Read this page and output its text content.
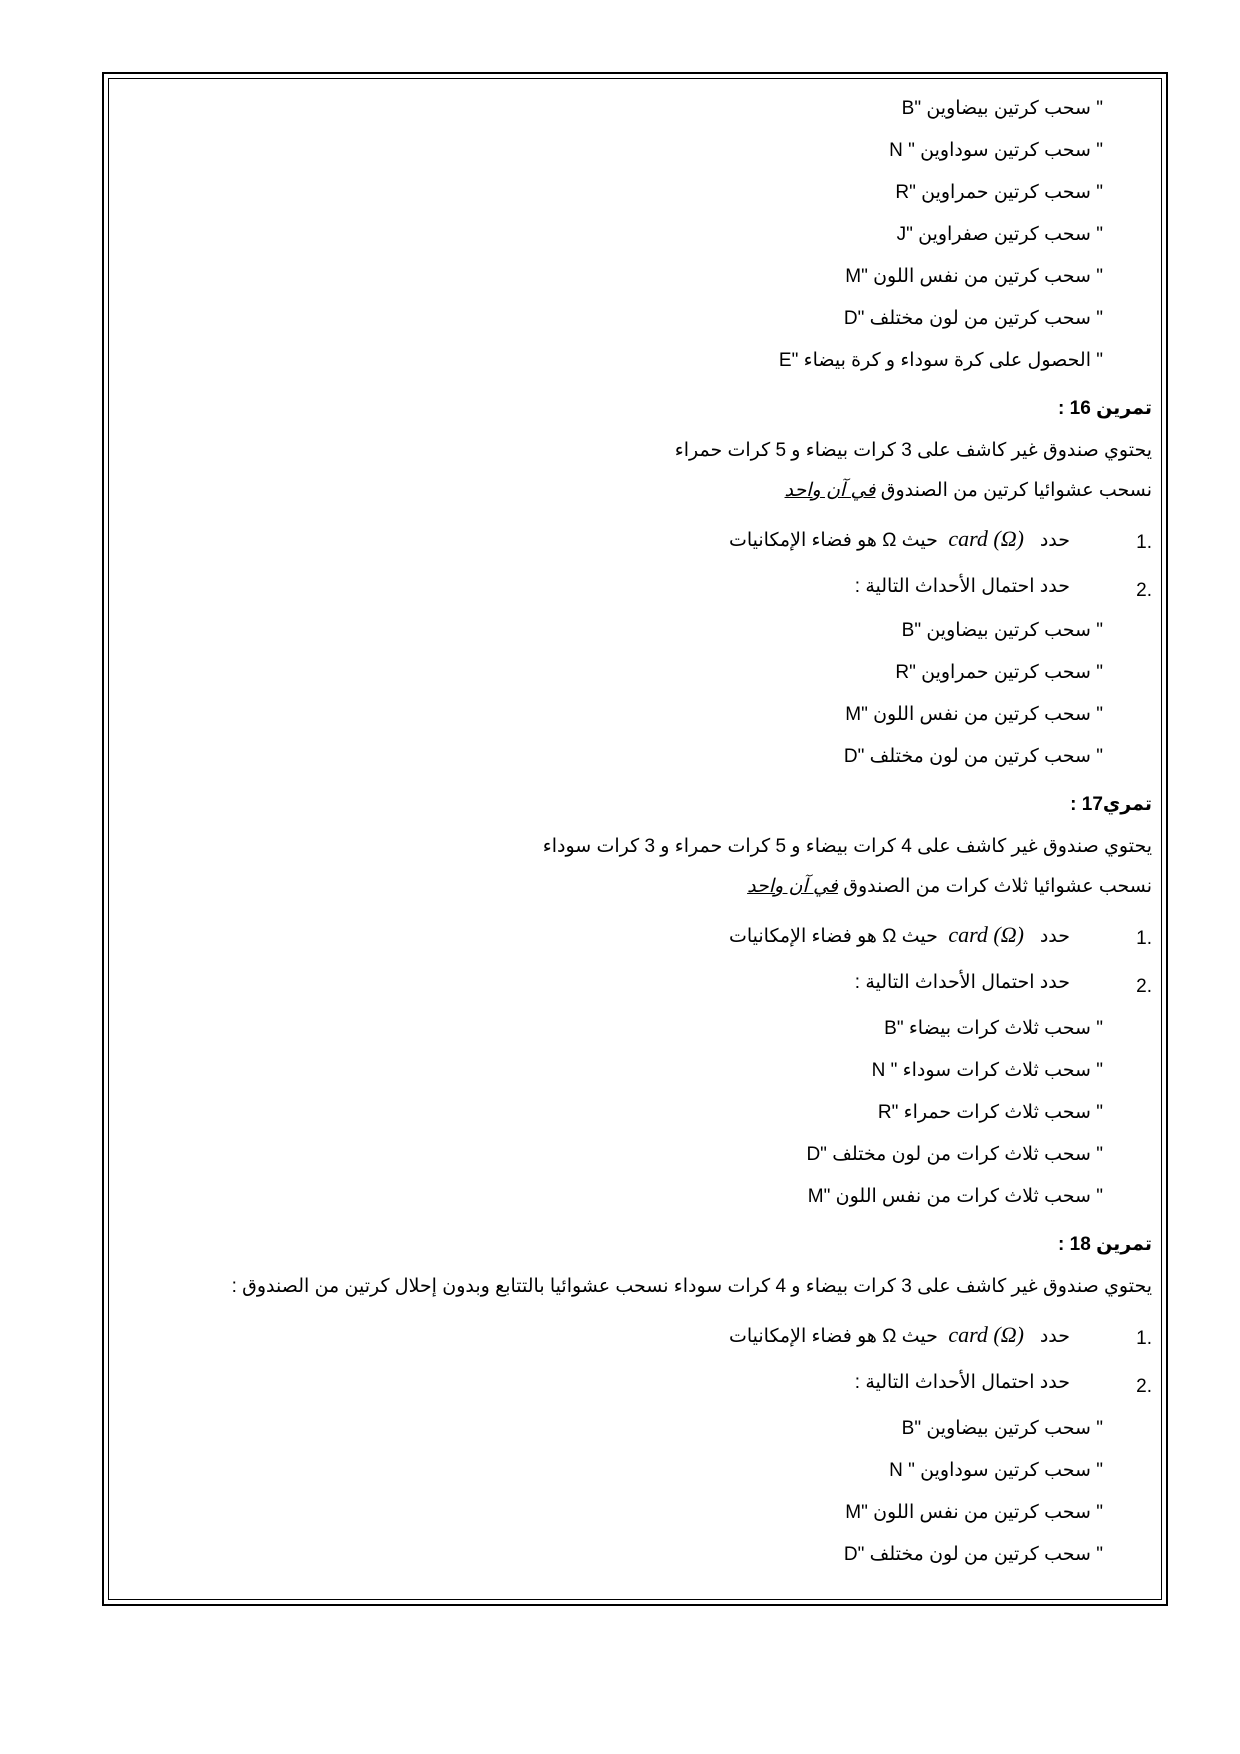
" سحب كرتين بيضاوين "B
" سحب كرتين سوداوين " N
" سحب كرتين حمراوين "R
" سحب كرتين صفراوين "J
" سحب كرتين من نفس اللون "M
" سحب كرتين من لون مختلف "D
" الحصول على كرة سوداء و كرة بيضاء "E
تمرين 16 :
يحتوي صندوق غير كاشف على 3 كرات بيضاء و 5 كرات حمراء
نسحب عشوائيا كرتين من الصندوق في آن واحد
1.
حدد   card (Ω)  حيث Ω هو فضاء الإمكانيات
2.
حدد احتمال الأحداث التالية :
" سحب كرتين بيضاوين "B
" سحب كرتين حمراوين "R
" سحب كرتين من نفس اللون "M
" سحب كرتين من لون مختلف "D
تمري17 :
يحتوي صندوق غير كاشف على 4 كرات بيضاء و 5 كرات حمراء و 3 كرات سوداء
نسحب عشوائيا ثلاث كرات من الصندوق في آن واحد
1.
حدد   card (Ω)  حيث Ω هو فضاء الإمكانيات
2.
حدد احتمال الأحداث التالية :
" سحب ثلاث كرات بيضاء "B
" سحب ثلاث كرات سوداء " N
" سحب ثلاث كرات حمراء "R
" سحب ثلاث كرات من لون مختلف "D
" سحب ثلاث كرات من نفس اللون "M
تمرين 18 :
يحتوي صندوق غير كاشف على 3 كرات بيضاء و 4 كرات سوداء نسحب عشوائيا بالتتابع وبدون إحلال كرتين من الصندوق :
1.
حدد   card (Ω)  حيث Ω هو فضاء الإمكانيات
2.
حدد احتمال الأحداث التالية :
" سحب كرتين بيضاوين "B
" سحب كرتين سوداوين " N
" سحب كرتين من نفس اللون "M
" سحب كرتين من لون مختلف "D
